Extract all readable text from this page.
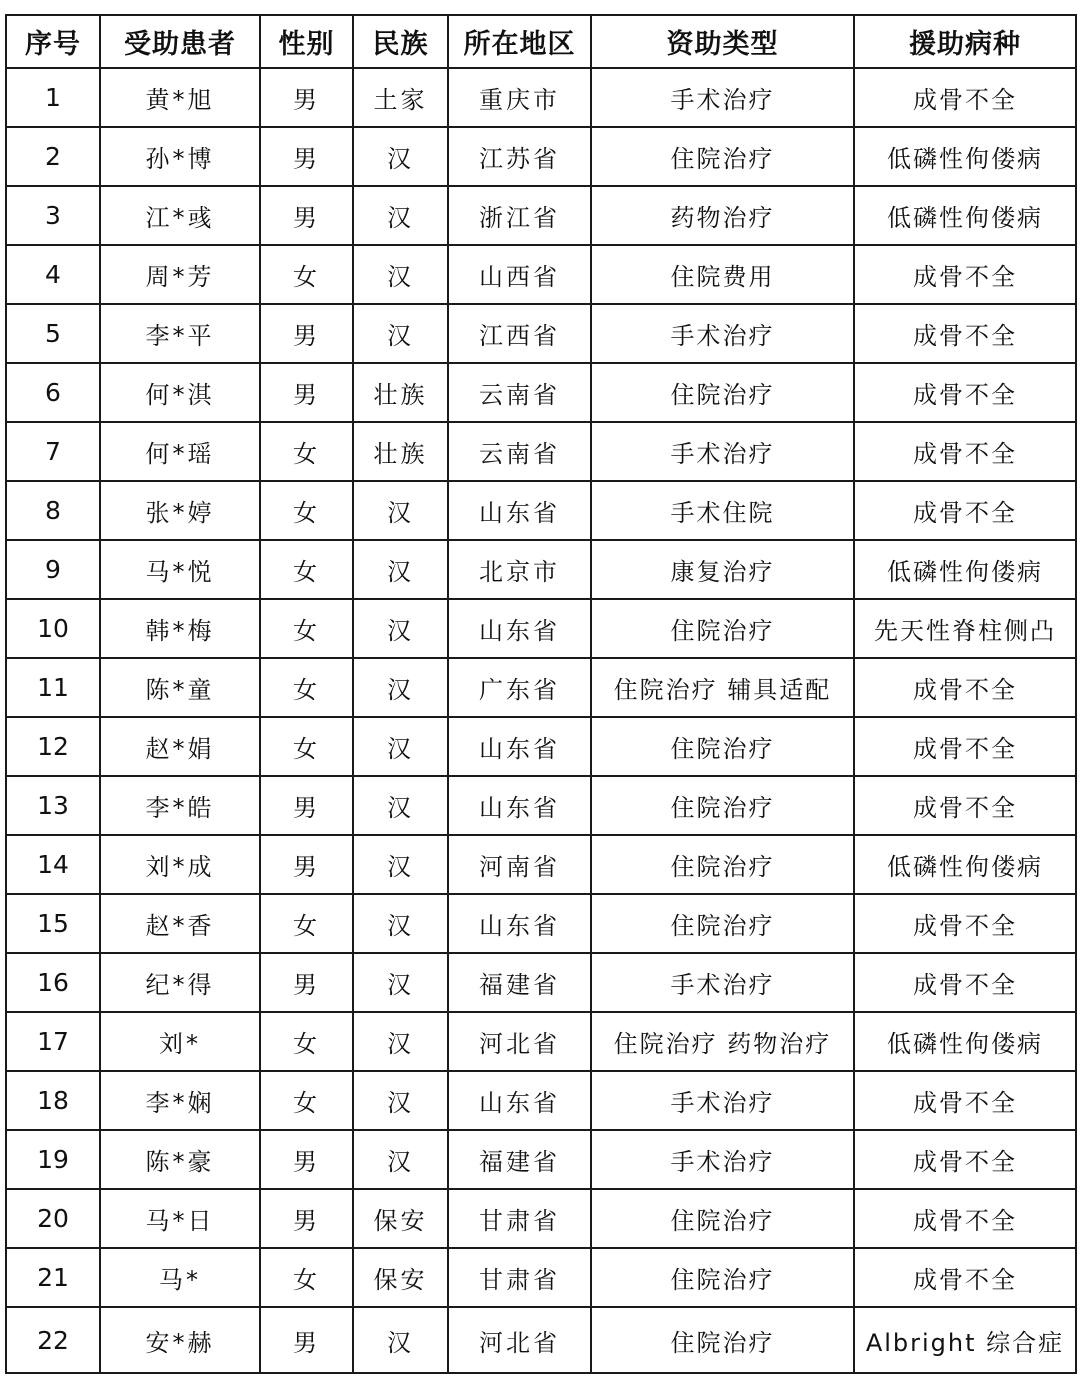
序号	受助患者	性别	民族	所在地区	资助类型	援助病种
1	黄*旭	男	土家	重庆市	手术治疗	成骨不全
2	孙*博	男	汉	江苏省	住院治疗	低磷性佝偻病
3	江*彧	男	汉	浙江省	药物治疗	低磷性佝偻病
4	周*芳	女	汉	山西省	住院费用	成骨不全
5	李*平	男	汉	江西省	手术治疗	成骨不全
6	何*淇	男	壮族	云南省	住院治疗	成骨不全
7	何*瑶	女	壮族	云南省	手术治疗	成骨不全
8	张*婷	女	汉	山东省	手术住院	成骨不全
9	马*悦	女	汉	北京市	康复治疗	低磷性佝偻病
10	韩*梅	女	汉	山东省	住院治疗	先天性脊柱侧凸
11	陈*童	女	汉	广东省	住院治疗 辅具适配	成骨不全
12	赵*娟	女	汉	山东省	住院治疗	成骨不全
13	李*皓	男	汉	山东省	住院治疗	成骨不全
14	刘*成	男	汉	河南省	住院治疗	低磷性佝偻病
15	赵*香	女	汉	山东省	住院治疗	成骨不全
16	纪*得	男	汉	福建省	手术治疗	成骨不全
17	刘*	女	汉	河北省	住院治疗 药物治疗	低磷性佝偻病
18	李*娴	女	汉	山东省	手术治疗	成骨不全
19	陈*豪	男	汉	福建省	手术治疗	成骨不全
20	马*日	男	保安	甘肃省	住院治疗	成骨不全
21	马*	女	保安	甘肃省	住院治疗	成骨不全
22	安*赫	男	汉	河北省	住院治疗	Albright 综合症
